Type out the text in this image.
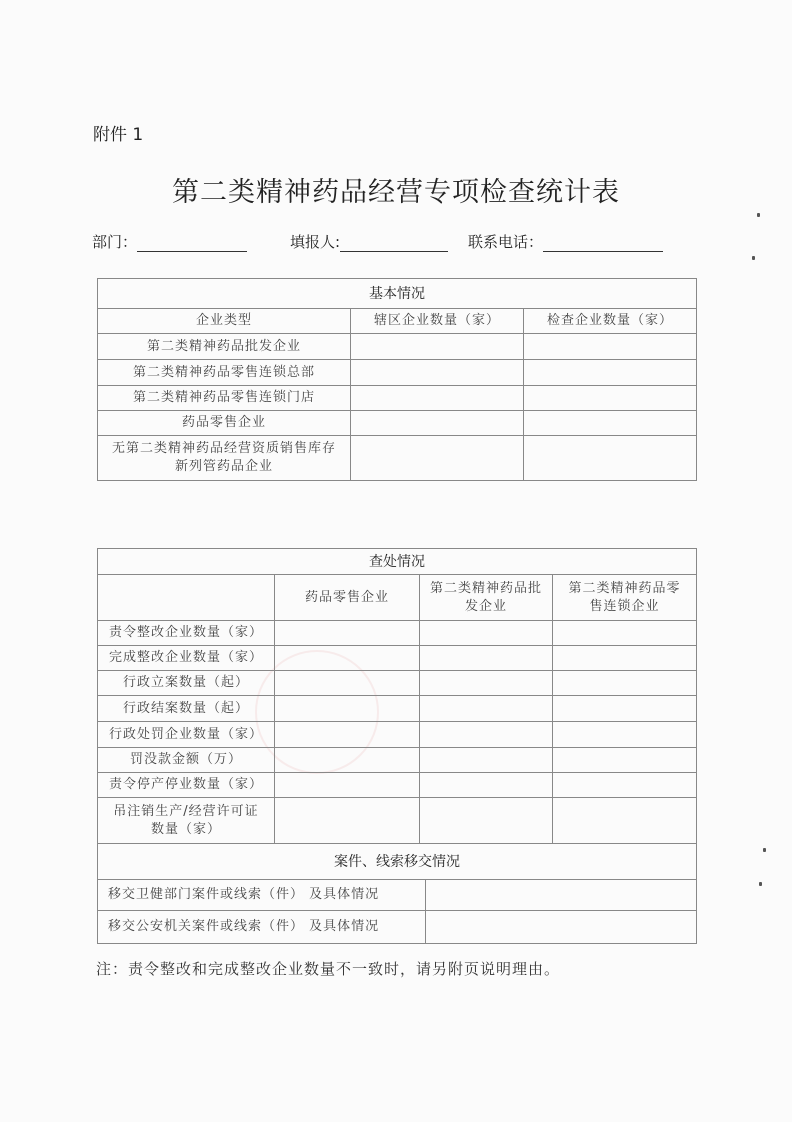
附件 1
第二类精神药品经营专项检查统计表
部门：	填报人:	联系电话：
基本情况		
企业类型	辖区企业数量（家）	检查企业数量（家）
第二类精神药品批发企业		
第二类精神药品零售连锁总部		
第二类精神药品零售连锁门店		
药品零售企业		
无第二类精神药品经营资质销售库存新列管药品企业		
查处情况			
	药品零售企业	第二类精神药品批发企业	第二类精神药品零售连锁企业
责令整改企业数量（家）			
完成整改企业数量（家）			
行政立案数量（起）			
行政结案数量（起）			
行政处罚企业数量（家）			
罚没款金额（万）			
责令停产停业数量（家）			
吊注销生产/经营许可证数量（家）			
案件、线索移交情况	
移交卫健部门案件或线索（件） 及具体情况	
移交公安机关案件或线索（件） 及具体情况	
注：责令整改和完成整改企业数量不一致时，请另附页说明理由。
